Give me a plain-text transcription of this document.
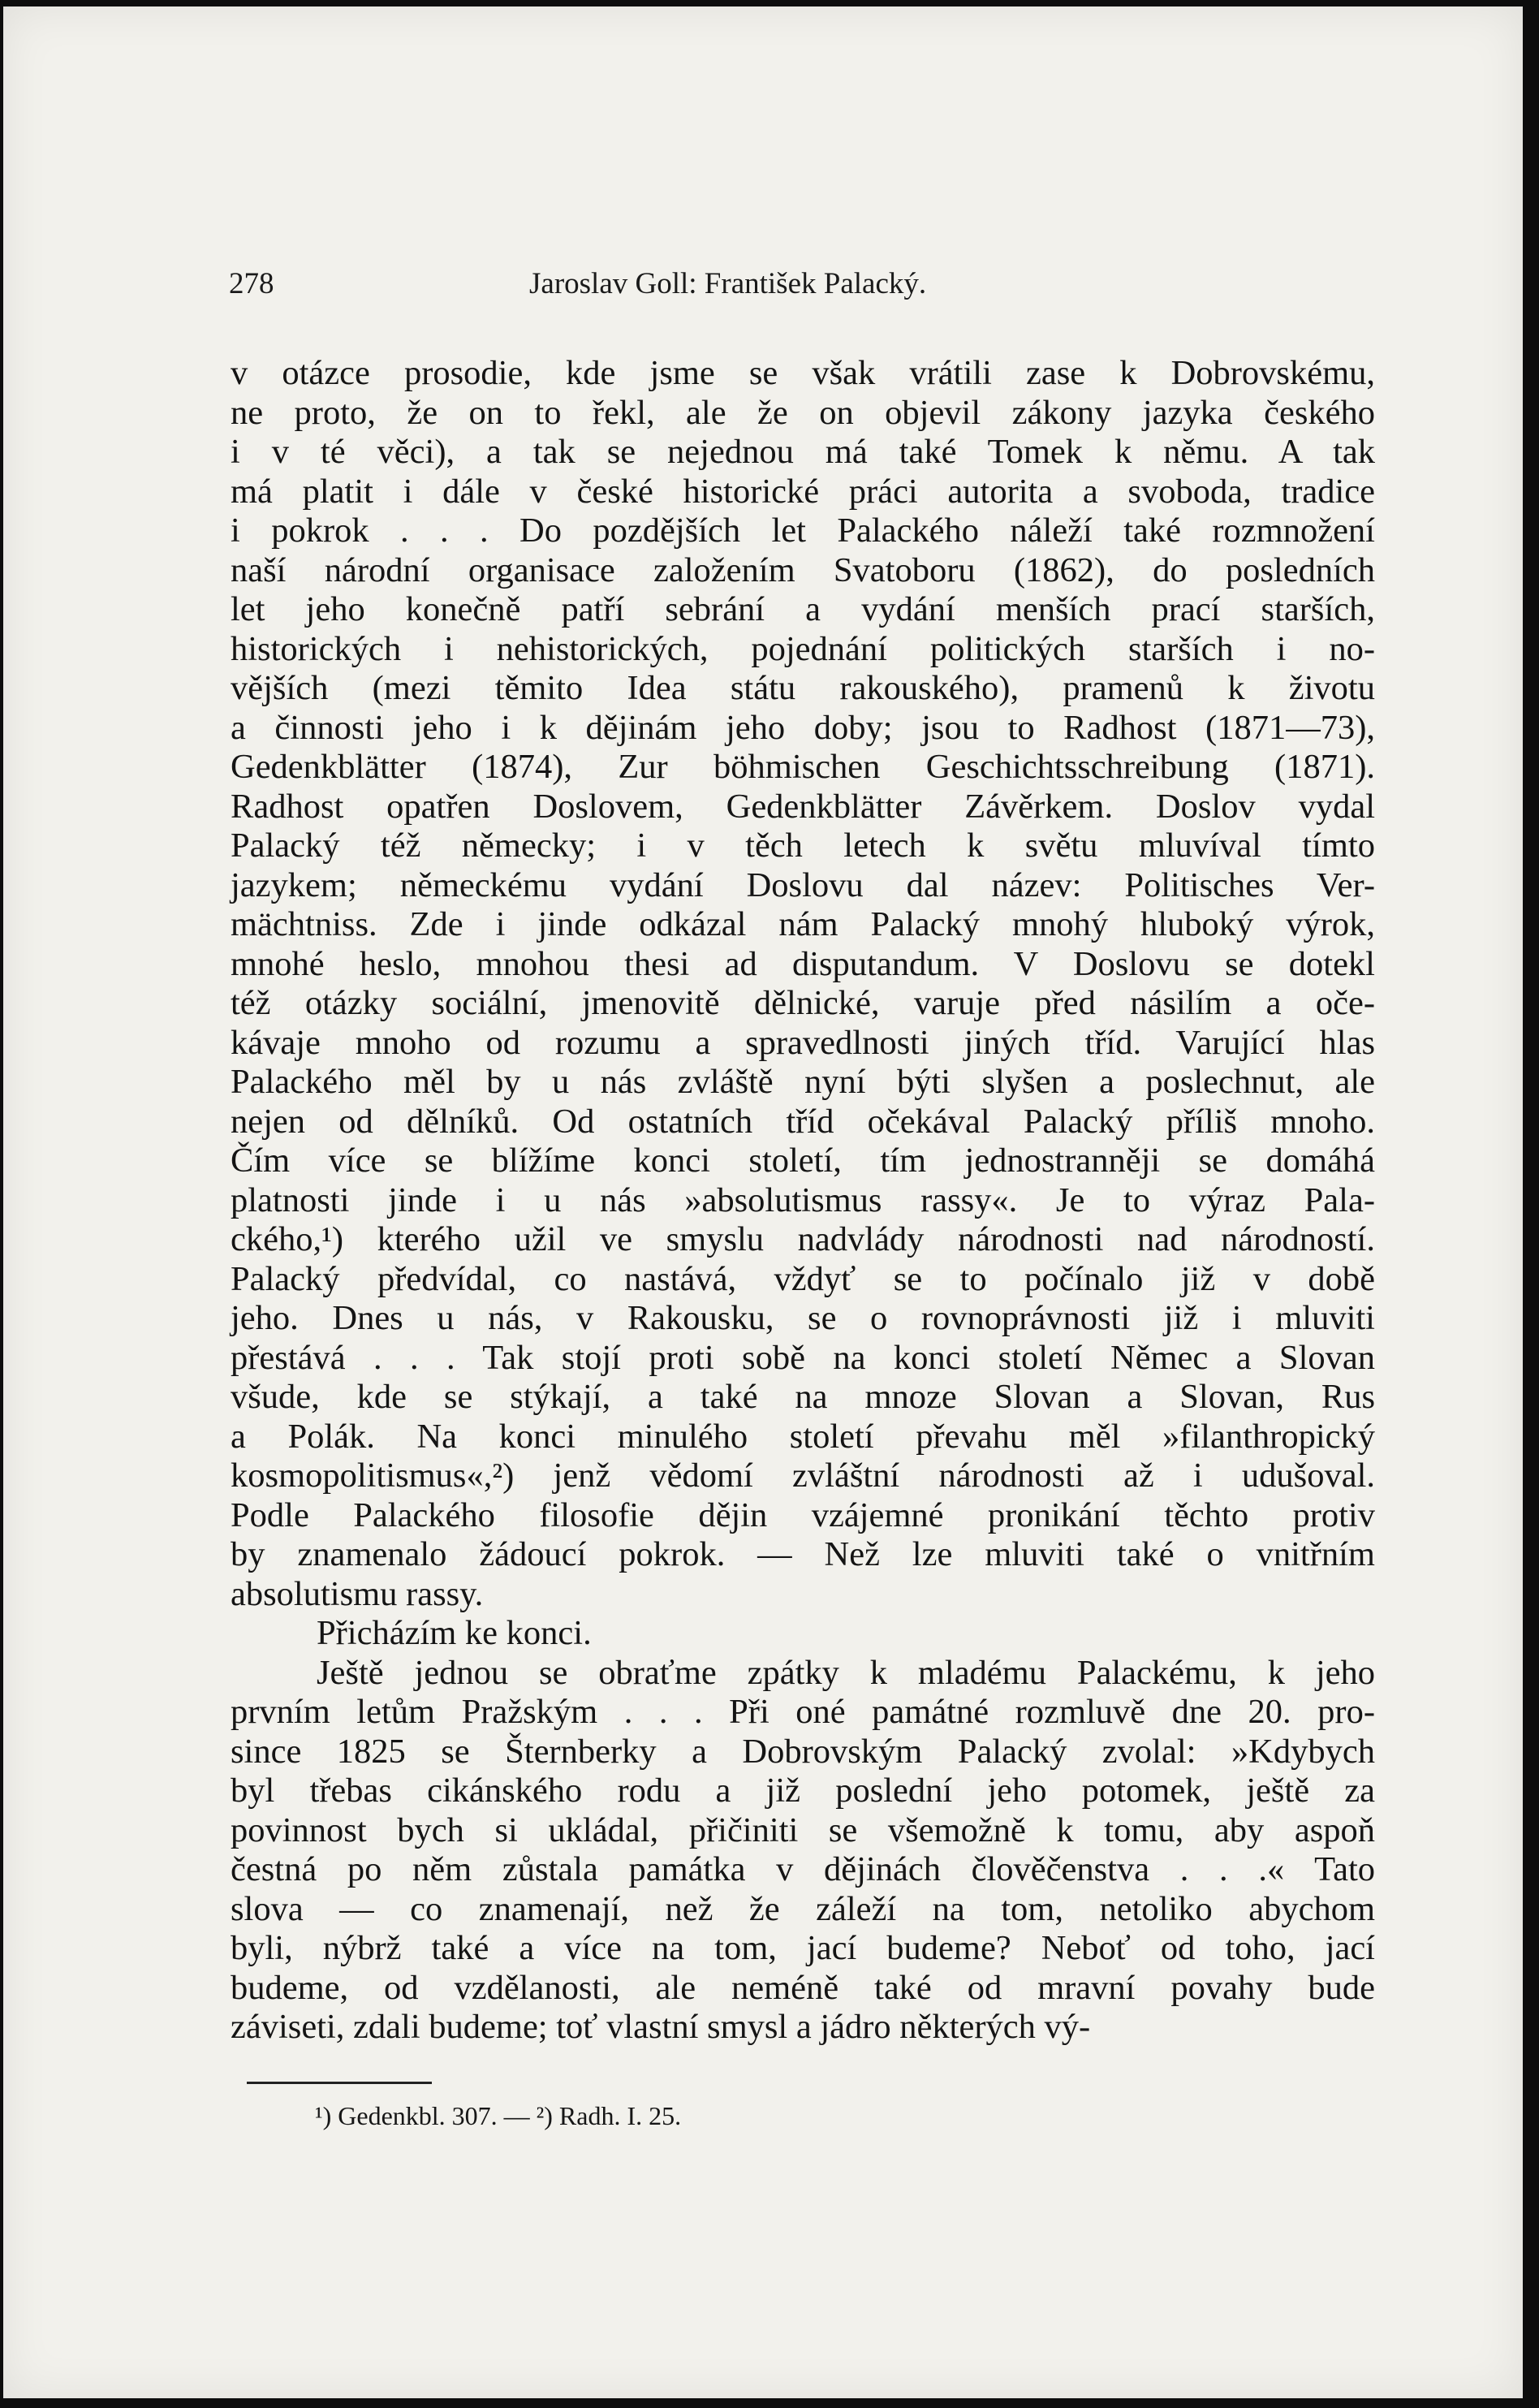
278	Jaroslav Goll: František Palacký.

v otázce prosodie, kde jsme se však vrátili zase k Dobrovskému,
ne proto, že on to řekl, ale že on objevil zákony jazyka českého
i v té věci), a tak se nejednou má také Tomek k němu. A tak
má platit i dále v české historické práci autorita a svoboda, tradice
i pokrok . . . Do pozdějších let Palackého náleží také rozmnožení
naší národní organisace založením Svatoboru (1862), do posledních
let jeho konečně patří sebrání a vydání menších prací starších,
historických i nehistorických, pojednání politických starších i no-
vějších (mezi těmito Idea státu rakouského), pramenů k životu
a činnosti jeho i k dějinám jeho doby; jsou to Radhost (1871—73),
Gedenkblätter (1874), Zur böhmischen Geschichtsschreibung (1871).
Radhost opatřen Doslovem, Gedenkblätter Závěrkem. Doslov vydal
Palacký též německy; i v těch letech k světu mluvíval tímto
jazykem; německému vydání Doslovu dal název: Politisches Ver-
mächtniss. Zde i jinde odkázal nám Palacký mnohý hluboký výrok,
mnohé heslo, mnohou thesi ad disputandum. V Doslovu se dotekl
též otázky sociální, jmenovitě dělnické, varuje před násilím a oče-
kávaje mnoho od rozumu a spravedlnosti jiných tříd. Varující hlas
Palackého měl by u nás zvláště nyní býti slyšen a poslechnut, ale
nejen od dělníků. Od ostatních tříd očekával Palacký příliš mnoho.
Čím více se blížíme konci století, tím jednostranněji se domáhá
platnosti jinde i u nás »absolutismus rassy«. Je to výraz Pala-
ckého,¹) kterého užil ve smyslu nadvlády národnosti nad národností.
Palacký předvídal, co nastává, vždyť se to počínalo již v době
jeho. Dnes u nás, v Rakousku, se o rovnoprávnosti již i mluviti
přestává . . . Tak stojí proti sobě na konci století Němec a Slovan
všude, kde se stýkají, a také na mnoze Slovan a Slovan, Rus
a Polák. Na konci minulého století převahu měl »filanthropický
kosmopolitismus«,²) jenž vědomí zvláštní národnosti až i udušoval.
Podle Palackého filosofie dějin vzájemné pronikání těchto protiv
by znamenalo žádoucí pokrok. — Než lze mluviti také o vnitřním
absolutismu rassy.

Přicházím ke konci.

Ještě jednou se obraťme zpátky k mladému Palackému, k jeho
prvním letům Pražským . . . Při oné památné rozmluvě dne 20. pro-
since 1825 se Šternberky a Dobrovským Palacký zvolal: »Kdybych
byl třebas cikánského rodu a již poslední jeho potomek, ještě za
povinnost bych si ukládal, přičiniti se všemožně k tomu, aby aspoň
čestná po něm zůstala památka v dějinách člověčenstva . . .« Tato
slova — co znamenají, než že záleží na tom, netoliko abychom
byli, nýbrž také a více na tom, jací budeme? Neboť od toho, jací
budeme, od vzdělanosti, ale neméně také od mravní povahy bude
záviseti, zdali budeme; toť vlastní smysl a jádro některých vý-

¹) Gedenkbl. 307. — ²) Radh. I. 25.
